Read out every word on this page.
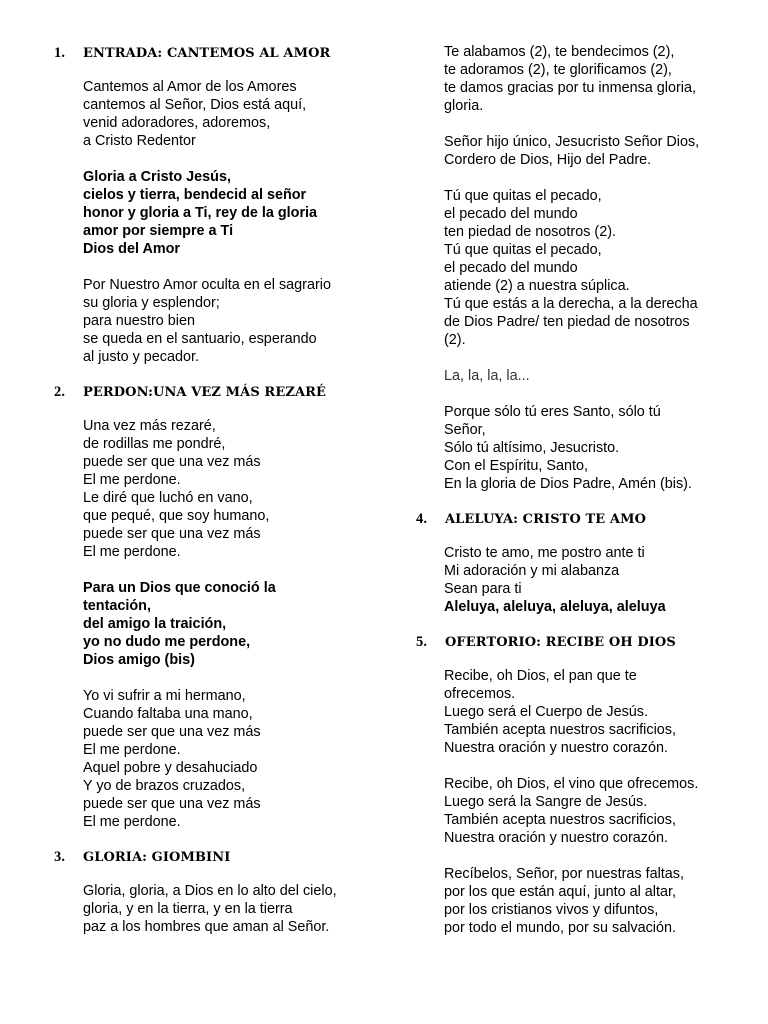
1.	ENTRADA: CANTEMOS AL AMOR
Cantemos al Amor de los Amores
cantemos al Señor, Dios está aquí,
venid adoradores, adoremos,
a Cristo Redentor
Gloria a Cristo Jesús,
cielos y tierra, bendecid al señor
honor y gloria a Ti, rey de la gloria
amor por siempre a Ti
Dios del Amor
Por Nuestro Amor oculta en el sagrario
su gloria y esplendor;
para nuestro bien
se queda en el santuario, esperando
al justo y pecador.
2.	PERDON:UNA VEZ MÁS REZARÉ
Una vez más rezaré,
de rodillas me pondré,
puede ser que una vez más
El me perdone.
Le diré que luchó en vano,
que pequé, que soy humano,
puede ser que una vez más
El me perdone.
Para un Dios que conoció la
tentación,
del amigo la traición,
yo no dudo me perdone,
Dios amigo (bis)
Yo vi sufrir a mi hermano,
Cuando faltaba una mano,
puede ser que una vez más
El me perdone.
Aquel pobre y desahuciado
Y yo de brazos cruzados,
puede ser que una vez más
El me perdone.
3.	GLORIA: GIOMBINI
Gloria, gloria, a Dios en lo alto del cielo,
gloria, y en la tierra, y en la tierra
paz a los hombres que aman al Señor.
Te alabamos (2), te bendecimos (2),
te adoramos (2), te glorificamos (2),
te damos gracias por tu inmensa gloria,
gloria.
Señor hijo único, Jesucristo Señor Dios,
Cordero de Dios, Hijo del Padre.
Tú que quitas el pecado,
el pecado del mundo
ten piedad de nosotros (2).
Tú que quitas el pecado,
el pecado del mundo
atiende (2) a nuestra súplica.
Tú que estás a la derecha, a la derecha
de Dios Padre/ ten piedad de nosotros
(2).
La, la, la, la...
Porque sólo tú eres Santo, sólo tú
Señor,
Sólo tú altísimo, Jesucristo.
Con el Espíritu, Santo,
En la gloria de Dios Padre, Amén (bis).
4.	ALELUYA: CRISTO TE AMO
Cristo te amo, me postro ante ti
Mi adoración y mi alabanza
Sean para ti
Aleluya, aleluya, aleluya, aleluya
5.	OFERTORIO: RECIBE OH DIOS
Recibe, oh Dios, el pan que te
ofrecemos.
Luego será el Cuerpo de Jesús.
También acepta nuestros sacrificios,
Nuestra oración y nuestro corazón.
Recibe, oh Dios, el vino que ofrecemos.
Luego será la Sangre de Jesús.
También acepta nuestros sacrificios,
Nuestra oración y nuestro corazón.
Recíbelos, Señor, por nuestras faltas,
por los que están aquí, junto al altar,
por los cristianos vivos y difuntos,
por todo el mundo, por su salvación.
